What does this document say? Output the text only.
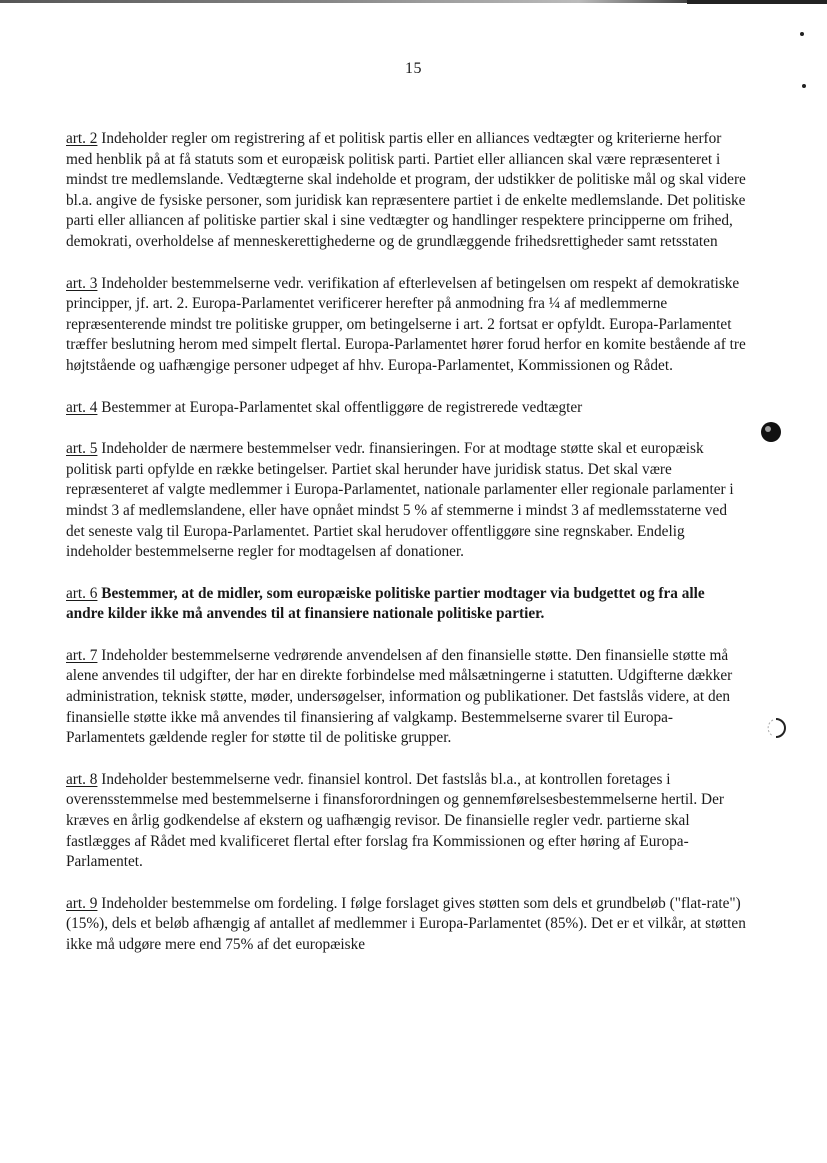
15

art. 2 Indeholder regler om registrering af et politisk partis eller en alliances vedtægter og kriterierne herfor med henblik på at få statuts som et europæisk politisk parti. Partiet eller alliancen skal være repræsenteret i mindst tre medlemslande. Vedtægterne skal indeholde et program, der udstikker de politiske mål og skal videre bl.a. angive de fysiske personer, som juridisk kan repræsentere partiet i de enkelte medlemslande. Det politiske parti eller alliancen af politiske partier skal i sine vedtægter og handlinger respektere principperne om frihed, demokrati, overholdelse af menneskerettighederne og de grundlæggende frihedsrettigheder samt retsstaten

art. 3 Indeholder bestemmelserne vedr. verifikation af efterlevelsen af betingelsen om respekt af demokratiske principper, jf. art. 2. Europa-Parlamentet verificerer herefter på anmodning fra ¼ af medlemmerne repræsenterende mindst tre politiske grupper, om betingelserne i art. 2 fortsat er opfyldt. Europa-Parlamentet træffer beslutning herom med simpelt flertal. Europa-Parlamentet hører forud herfor en komite bestående af tre højtstående og uafhængige personer udpeget af hhv. Europa-Parlamentet, Kommissionen og Rådet.

art. 4 Bestemmer at Europa-Parlamentet skal offentliggøre de registrerede vedtægter

art. 5 Indeholder de nærmere bestemmelser vedr. finansieringen. For at modtage støtte skal et europæisk politisk parti opfylde en række betingelser. Partiet skal herunder have juridisk status. Det skal være repræsenteret af valgte medlemmer i Europa-Parlamentet, nationale parlamenter eller regionale parlamenter i mindst 3 af medlemslandene, eller have opnået mindst 5 % af stemmerne i mindst 3 af medlemsstaterne ved det seneste valg til Europa-Parlamentet. Partiet skal herudover offentliggøre sine regnskaber. Endelig indeholder bestemmelserne regler for modtagelsen af donationer.

art. 6 Bestemmer, at de midler, som europæiske politiske partier modtager via budgettet og fra alle andre kilder ikke må anvendes til at finansiere nationale politiske partier.

art. 7 Indeholder bestemmelserne vedrørende anvendelsen af den finansielle støtte. Den finansielle støtte må alene anvendes til udgifter, der har en direkte forbindelse med målsætningerne i statutten. Udgifterne dækker administration, teknisk støtte, møder, undersøgelser, information og publikationer. Det fastslås videre, at den finansielle støtte ikke må anvendes til finansiering af valgkamp. Bestemmelserne svarer til Europa-Parlamentets gældende regler for støtte til de politiske grupper.

art. 8 Indeholder bestemmelserne vedr. finansiel kontrol. Det fastslås bl.a., at kontrollen foretages i overensstemmelse med bestemmelserne i finansforordningen og gennemførelsesbestemmelserne hertil. Der kræves en årlig godkendelse af ekstern og uafhængig revisor. De finansielle regler vedr. partierne skal fastlægges af Rådet med kvalificeret flertal efter forslag fra Kommissionen og efter høring af Europa-Parlamentet.

art. 9 Indeholder bestemmelse om fordeling. I følge forslaget gives støtten som dels et grundbeløb ("flat-rate") (15%), dels et beløb afhængig af antallet af medlemmer i Europa-Parlamentet (85%). Det er et vilkår, at støtten ikke må udgøre mere end 75% af det europæiske
